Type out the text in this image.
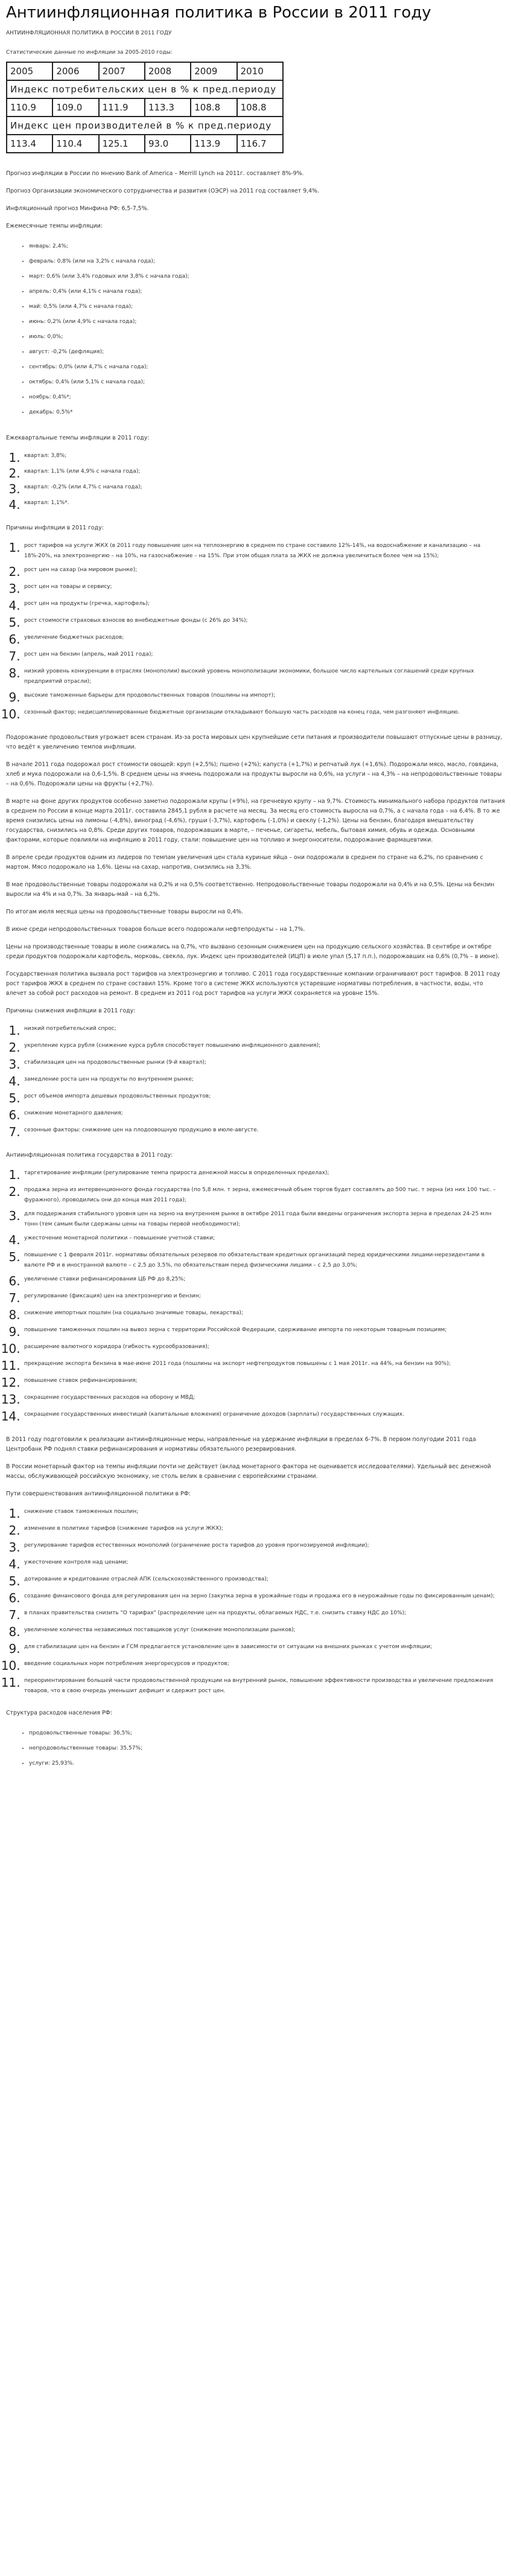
Антиинфляционная политика в России в 2011 году
АНТИИНФЛЯЦИОННАЯ ПОЛИТИКА В РОССИИ В 2011 ГОДУ
Статистические данные по инфляции за 2005-2010 годы:
2005	2006	2007	2008	2009	2010
Индекс потребительских цен в % к пред.периоду					
110.9	109.0	111.9	113.3	108.8	108.8
Индекс цен производителей в % к пред.периоду					
113.4	110.4	125.1	93.0	113.9	116.7

Прогноз инфляции в России по мнению Bank of America – Merrill Lynch на 2011г. составляет 8%-9%.

Прогноз Организации экономического сотрудничества и развития (ОЭСР) на 2011 год составляет 9,4%.

Инфляционный прогноз Минфина РФ: 6,5-7,5%.

Ежемесячные темпы инфляции:

• январь: 2,4%;
• февраль: 0,8% (или на 3,2% с начала года);
• март: 0,6% (или 3,4% годовых или 3,8% с начала года);
• апрель: 0,4% (или 4,1% с начала года);
• май: 0,5% (или 4,7% с начала года);
• июнь: 0,2% (или 4,9% с начала года);
• июль: 0,0%;
• август: -0,2% (дефляция);
• сентябрь: 0,0% (или 4,7% с начала года);
• октябрь: 0,4% (или 5,1% с начала года);
• ноябрь: 0,4%*;
• декабрь: 0,5%*

Ежеквартальные темпы инфляции в 2011 году:

1. квартал: 3,8%;
2. квартал: 1,1% (или 4,9% с начала года);
3. квартал: -0,2% (или 4,7% с начала года);
4. квартал: 1,1%*.

Причины инфляции в 2011 году:

1. рост тарифов на услуги ЖКХ (в 2011 году повышение цен на теплоэнергию в среднем по стране составило 12%-14%, на водоснабжение и канализацию – на 18%-20%, на электроэнергию – на 10%, на газоснабжение – на 15%. При этом общая плата за ЖКХ не должна увеличиться более чем на 15%);
2. рост цен на сахар (на мировом рынке);
3. рост цен на товары и сервису;
4. рост цен на продукты (гречка, картофель);
5. рост стоимости страховых взносов во внебюджетные фонды (с 26% до 34%);
6. увеличение бюджетных расходов;
7. рост цен на бензин (апрель, май 2011 года);
8. низкий уровень конкуренции в отраслях (монополии) высокий уровень монополизации экономики, большое число картельных соглашений среди крупных предприятий отрасли);
9. высокие таможенные барьеры для продовольственных товаров (пошлины на импорт);
10. сезонный фактор; недисциплинированные бюджетные организации откладывают большую часть расходов на конец года, чем разгоняют инфляцию.

Подорожание продовольствия угрожает всем странам. Из-за роста мировых цен крупнейшие сети питания и производители повышают отпускные цены в разницу, что ведёт к увеличению темпов инфляции.

В начале 2011 года подорожал рост стоимости овощей: круп (+2,5%); пшено (+2%); капуста (+1,7%) и репчатый лук (+1,6%). Подорожали мясо, масло, говядина, хлеб и мука подорожали на 0,6-1,5%. В среднем цены на ячмень подорожали на продукты выросли на 0,6%, на услуги – на 4,3% – на непродовольственные товары – на 0,6%. Подорожали цены на фрукты (+2,7%).

В марте на фоне других продуктов особенно заметно подорожали крупы (+9%), на гречневую крупу – на 9,7%. Стоимость минимального набора продуктов питания в среднем по России в конце марта 2011г. составила 2845,1 рубля в расчете на месяц. За месяц его стоимость выросла на 0,7%, а с начала года – на 6,4%. В то же время снизились цены на лимоны (-4,8%), виноград (-4,6%), груши (-3,7%), картофель (-1,0%) и свеклу (-1,2%). Цены на бензин, благодаря вмешательству государства, снизились на 0,8%. Среди других товаров, подорожавших в марте, – печенье, сигареты, мебель, бытовая химия, обувь и одежда. Основными факторами, которые повлияли на инфляцию в 2011 году, стали: повышение цен на топливо и энергоносители, подорожание фармацевтики.

В апреле среди продуктов одним из лидеров по темпам увеличения цен стала куриные яйца – они подорожали в среднем по стране на 6,2%, по сравнению с мартом. Мясо подорожало на 1,6%. Цены на сахар, напротив, снизились на 3,3%.

В мае продовольственные товары подорожали на 0,2% и на 0,5% соответственно. Непродовольственные товары подорожали на 0,4% и на 0,5%. Цены на бензин выросли на 4% и на 0,7%. За январь-май – на 6,2%.

По итогам июля месяца цены на продовольственные товары выросли на 0,4%.

В июне среди непродовольственных товаров больше всего подорожали нефтепродукты – на 1,7%.

Цены на производственные товары в июле снижались на 0,7%, что вызвано сезонным снижением цен на продукцию сельского хозяйства. В сентябре и октябре среди продуктов подорожали картофель, морковь, свекла, лук. Индекс цен производителей (ИЦП) в июле упал (5,17 п.п.), подорожавших на 0,6% (0,7% – в июне).

Государственная политика вызвала рост тарифов на электроэнергию и топливо. С 2011 года государственные компании ограничивают рост тарифов. В 2011 году рост тарифов ЖКХ в среднем по стране составил 15%. Кроме того в системе ЖКХ используются устаревшие нормативы потребления, в частности, воды, что влечет за собой рост расходов на ремонт. В среднем из 2011 год рост тарифов на услуги ЖКХ сохраняется на уровне 15%.

Причины снижения инфляции в 2011 году:

1. низкий потребительский спрос;
2. укрепление курса рубля (снижение курса рубля способствует повышению инфляционного давления);
3. стабилизация цен на продовольственные рынки (9-й квартал);
4. замедление роста цен на продукты по внутреннем рынке;
5. рост объемов импорта дешевых продовольственных продуктов;
6. снижение монетарного давления;
7. сезонные факторы: снижение цен на плодоовощную продукцию в июле-августе.

Антиинфляционная политика государства в 2011 году:

1. таргетирование инфляции (регулирование темпа прироста денежной массы в определенных пределах);
2. продажа зерна из интервенционного фонда государства (по 5,8 млн. т зерна, ежемесячный объем торгов будет составлять до 500 тыс. т зерна (из них 100 тыс. – фуражного), проводились они до конца мая 2011 года);
3. для поддержания стабильного уровня цен на зерно на внутреннем рынке в октябре 2011 года были введены ограничения экспорта зерна в пределах 24-25 млн тонн (тем самым были сдержаны цены на товары первой необходимости);
4. ужесточение монетарной политики – повышение учетной ставки;
5. повышение с 1 февраля 2011г. нормативы обязательных резервов по обязательствам кредитных организаций перед юридическими лицами-нерезидентами в валюте РФ и в иностранной валюте – с 2,5 до 3,5%, по обязательствам перед физическими лицами – с 2,5 до 3,0%;
6. увеличение ставки рефинансирования ЦБ РФ до 8,25%;
7. регулирование (фиксация) цен на электроэнергию и бензин;
8. снижение импортных пошлин (на социально значимые товары, лекарства);
9. повышение таможенных пошлин на вывоз зерна с территории Российской Федерации, сдерживание импорта по некоторым товарным позициям;
10. расширение валютного коридора (гибкость курсообразования);
11. прекращение экспорта бензина в мае-июне 2011 года (пошлины на экспорт нефтепродуктов повышены с 1 мая 2011г. на 44%, на бензин на 90%);
12. повышение ставок рефинансирования;
13. сокращение государственных расходов на оборону и МВД;
14. сокращение государственных инвестиций (капитальные вложения) ограничение доходов (зарплаты) государственных служащих.

В 2011 году подготовили к реализации антиинфляционные меры, направленные на удержание инфляции в пределах 6-7%. В первом полугодии 2011 года Центробанк РФ поднял ставки рефинансирования и нормативы обязательного резервирования.

В России монетарный фактор на темпы инфляции почти не действует (вклад монетарного фактора не оценивается исследователями). Удельный вес денежной массы, обслуживающей российскую экономику, не столь велик в сравнении с европейскими странами.

Пути совершенствования антиинфляционной политики в РФ:

1. снижение ставок таможенных пошлин;
2. изменение в политике тарифов (снижение тарифов на услуги ЖКХ);
3. регулирование тарифов естественных монополий (ограничение роста тарифов до уровня прогнозируемой инфляции);
4. ужесточение контроля над ценами;
5. дотирование и кредитование отраслей АПК (сельскохозяйственного производства);
6. создание финансового фонда для регулирования цен на зерно (закупка зерна в урожайные годы и продажа его в неурожайные годы по фиксированным ценам);
7. в планах правительства снизить "О тарифах" (распределение цен на продукты, облагаемых НДС, т.е. снизить ставку НДС до 10%);
8. увеличение количества независимых поставщиков услуг (снижение монополизации рынков);
9. для стабилизации цен на бензин и ГСМ предлагается установление цен в зависимости от ситуации на внешних рынках с учетом инфляции;
10. введение социальных норм потребления энергоресурсов и продуктов;
11. переориентирование большей части продовольственной продукции на внутренний рынок, повышение эффективности производства и увеличение предложения товаров, что в свою очередь уменьшит дефицит и сдержит рост цен.

Структура расходов населения РФ:

• продовольственные товары: 36,5%;
• непродовольственные товары: 35,57%;
• услуги: 25,93%.
